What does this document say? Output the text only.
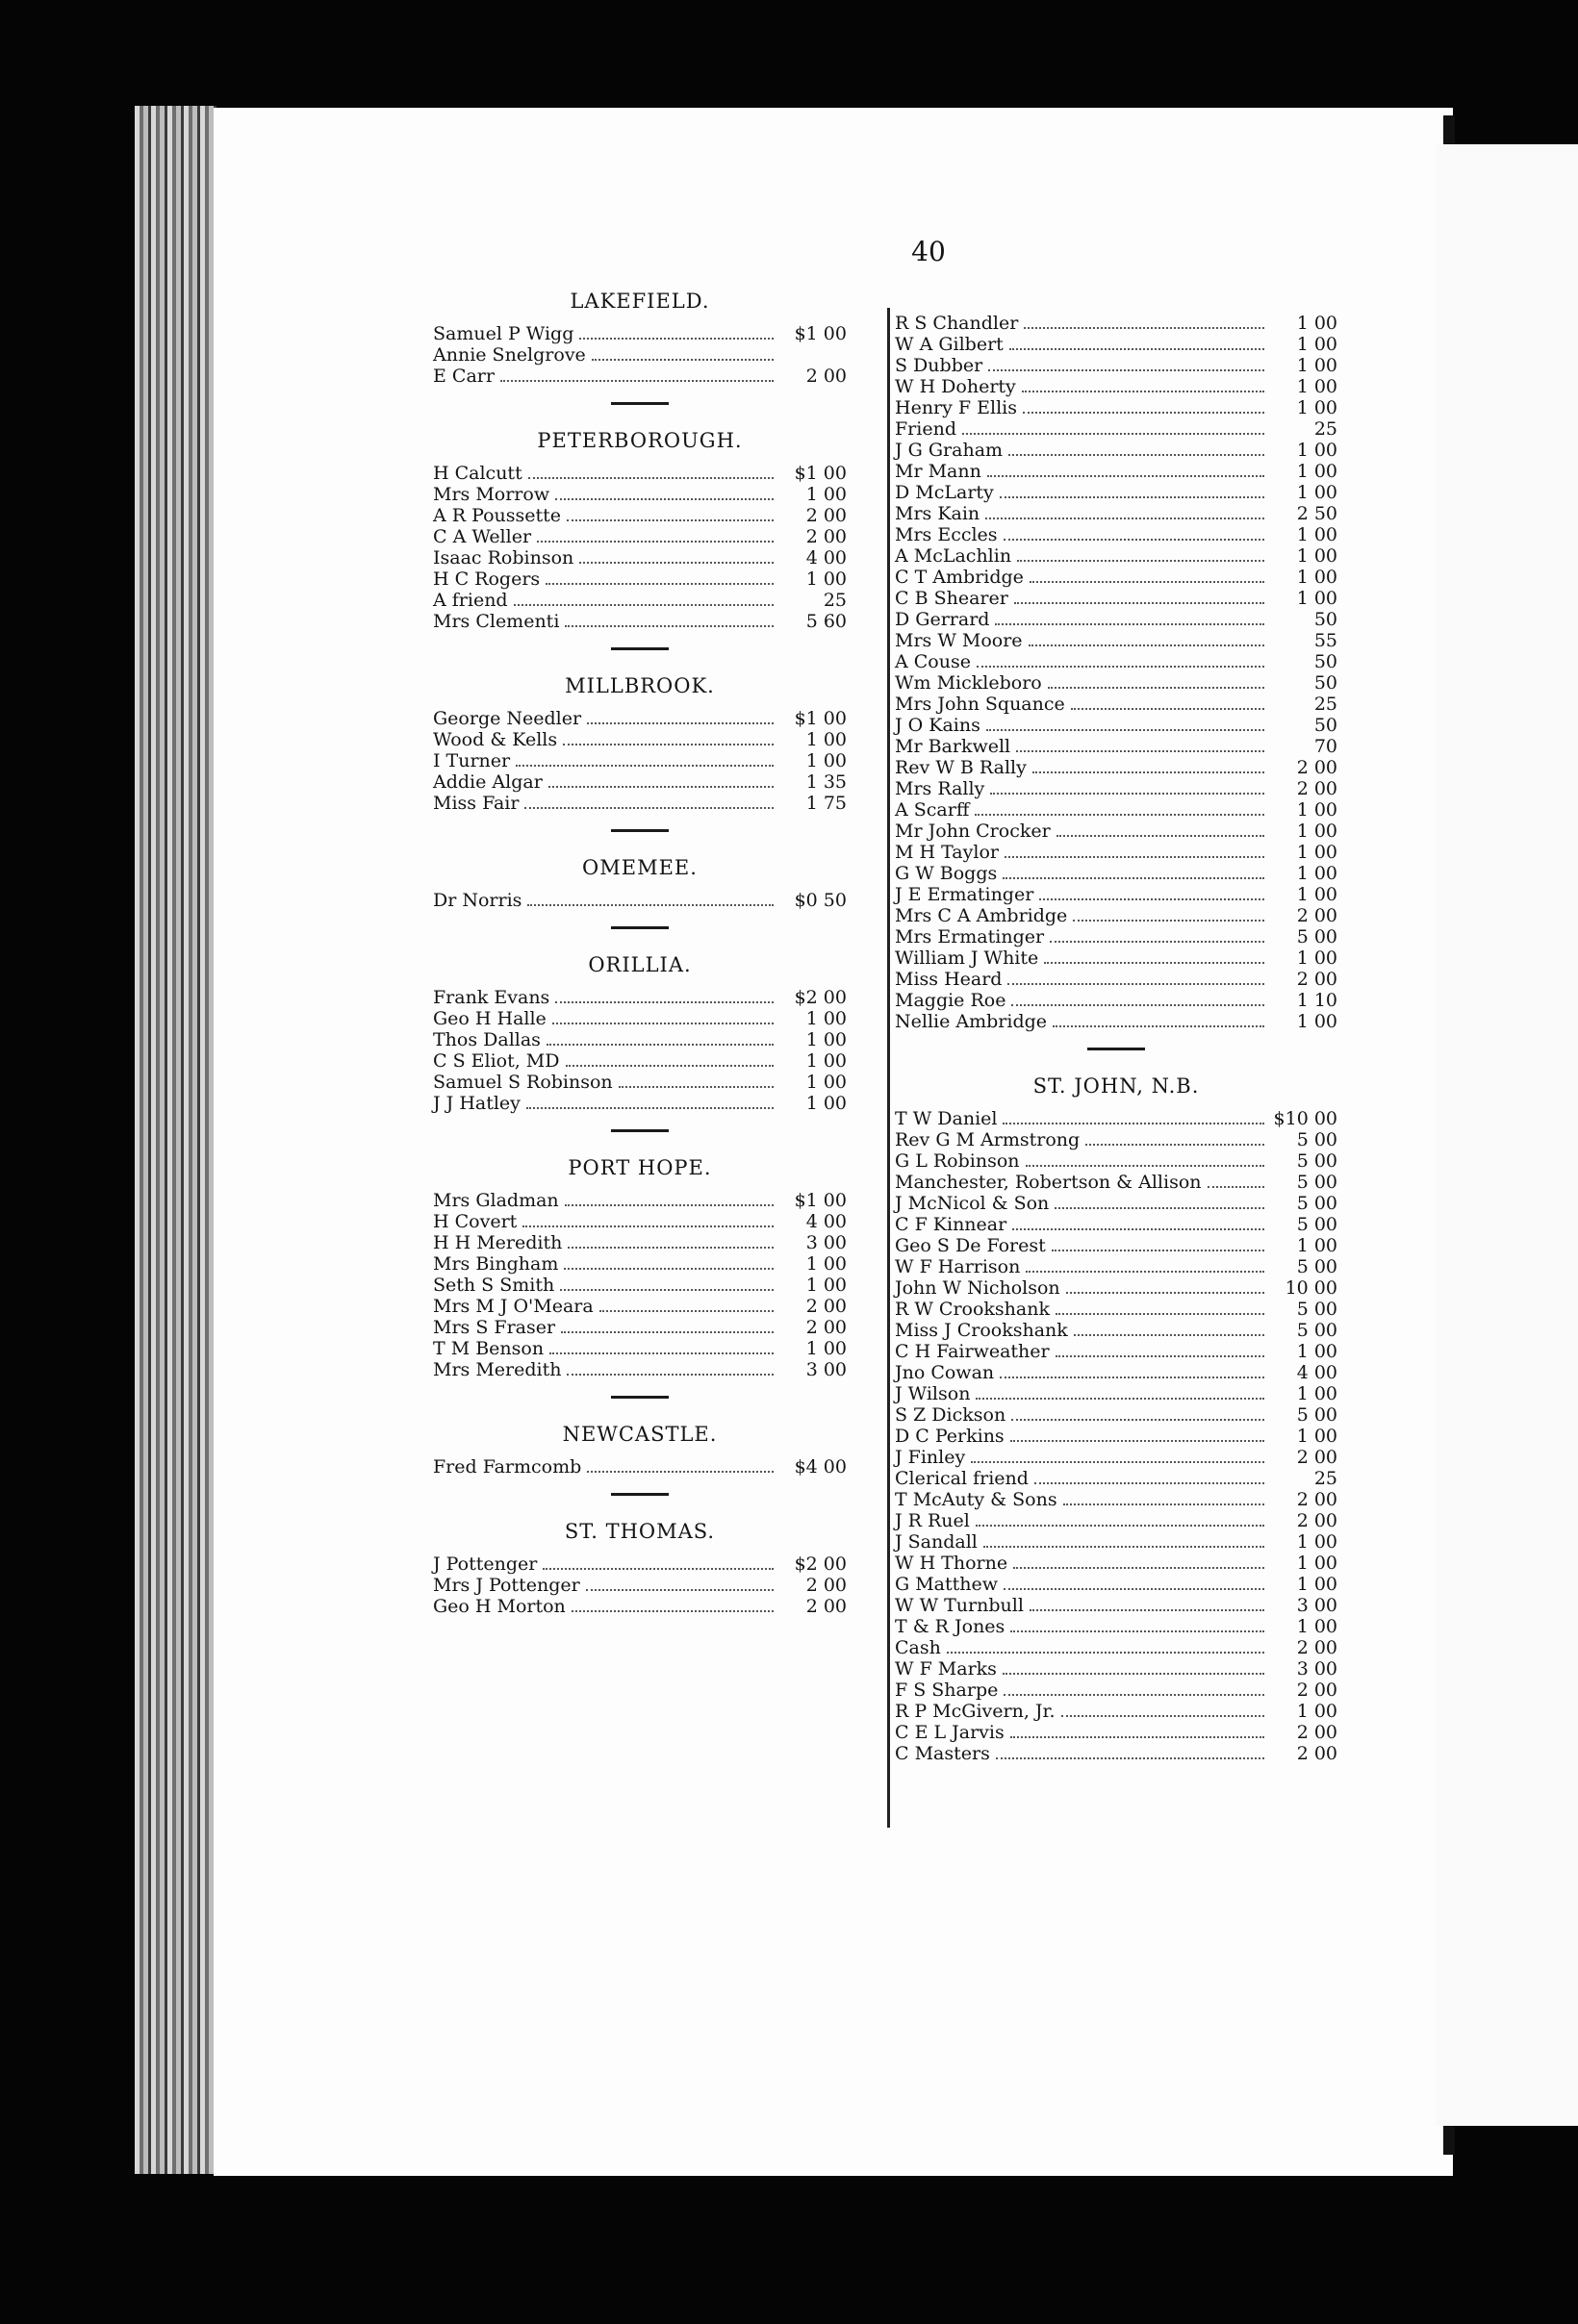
40
LAKEFIELD.
Samuel P Wigg	$1 00
Annie Snelgrove
E Carr	2 00
PETERBOROUGH.
H Calcutt	$1 00
Mrs Morrow	1 00
A R Poussette	2 00
C A Weller	2 00
Isaac Robinson	4 00
H C Rogers	1 00
A friend	25
Mrs Clementi	5 60
MILLBROOK.
George Needler	$1 00
Wood & Kells	1 00
I Turner	1 00
Addie Algar	1 35
Miss Fair	1 75
OMEMEE.
Dr Norris	$0 50
ORILLIA.
Frank Evans	$2 00
Geo H Halle	1 00
Thos Dallas	1 00
C S Eliot, MD	1 00
Samuel S Robinson	1 00
J J Hatley	1 00
PORT HOPE.
Mrs Gladman	$1 00
H Covert	4 00
H H Meredith	3 00
Mrs Bingham	1 00
Seth S Smith	1 00
Mrs M J O'Meara	2 00
Mrs S Fraser	2 00
T M Benson	1 00
Mrs Meredith	3 00
NEWCASTLE.
Fred Farmcomb	$4 00
ST. THOMAS.
J Pottenger	$2 00
Mrs J Pottenger	2 00
Geo H Morton	2 00
R S Chandler	1 00
W A Gilbert	1 00
S Dubber	1 00
W H Doherty	1 00
Henry F Ellis	1 00
Friend	25
J G Graham	1 00
Mr Mann	1 00
D McLarty	1 00
Mrs Kain	2 50
Mrs Eccles	1 00
A McLachlin	1 00
C T Ambridge	1 00
C B Shearer	1 00
D Gerrard	50
Mrs W Moore	55
A Couse	50
Wm Mickleboro	50
Mrs John Squance	25
J O Kains	50
Mr Barkwell	70
Rev W B Rally	2 00
Mrs Rally	2 00
A Scarff	1 00
Mr John Crocker	1 00
M H Taylor	1 00
G W Boggs	1 00
J E Ermatinger	1 00
Mrs C A Ambridge	2 00
Mrs Ermatinger	5 00
William J White	1 00
Miss Heard	2 00
Maggie Roe	1 10
Nellie Ambridge	1 00
ST. JOHN, N.B.
T W Daniel	$10 00
Rev G M Armstrong	5 00
G L Robinson	5 00
Manchester, Robertson & Allison	5 00
J McNicol & Son	5 00
C F Kinnear	5 00
Geo S De Forest	1 00
W F Harrison	5 00
John W Nicholson	10 00
R W Crookshank	5 00
Miss J Crookshank	5 00
C H Fairweather	1 00
Jno Cowan	4 00
J Wilson	1 00
S Z Dickson	5 00
D C Perkins	1 00
J Finley	2 00
Clerical friend	25
T McAuty & Sons	2 00
J R Ruel	2 00
J Sandall	1 00
W H Thorne	1 00
G Matthew	1 00
W W Turnbull	3 00
T & R Jones	1 00
Cash	2 00
W F Marks	3 00
F S Sharpe	2 00
R P McGivern, Jr.	1 00
C E L Jarvis	2 00
C Masters	2 00
